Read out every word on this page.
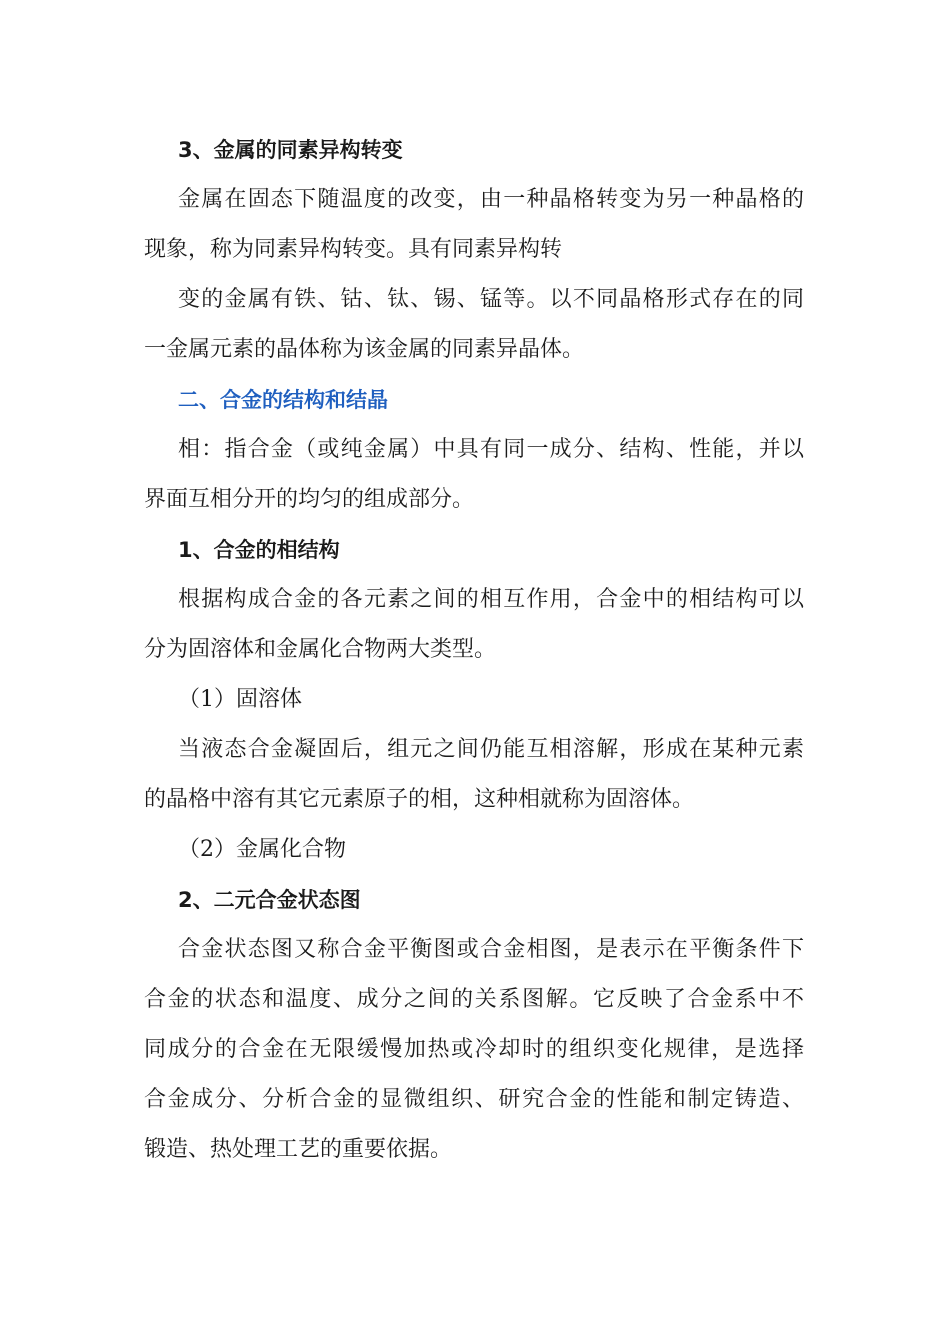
3、金属的同素异构转变
金属在固态下随温度的改变，由一种晶格转变为另一种晶格的
现象，称为同素异构转变。具有同素异构转
变的金属有铁、钴、钛、锡、锰等。以不同晶格形式存在的同
一金属元素的晶体称为该金属的同素异晶体。
二、合金的结构和结晶
相：指合金（或纯金属）中具有同一成分、结构、性能，并以
界面互相分开的均匀的组成部分。
1、合金的相结构
根据构成合金的各元素之间的相互作用，合金中的相结构可以
分为固溶体和金属化合物两大类型。
（1）固溶体
当液态合金凝固后，组元之间仍能互相溶解，形成在某种元素
的晶格中溶有其它元素原子的相，这种相就称为固溶体。
（2）金属化合物
2、二元合金状态图
合金状态图又称合金平衡图或合金相图，是表示在平衡条件下
合金的状态和温度、成分之间的关系图解。它反映了合金系中不
同成分的合金在无限缓慢加热或冷却时的组织变化规律，是选择
合金成分、分析合金的显微组织、研究合金的性能和制定铸造、
锻造、热处理工艺的重要依据。
